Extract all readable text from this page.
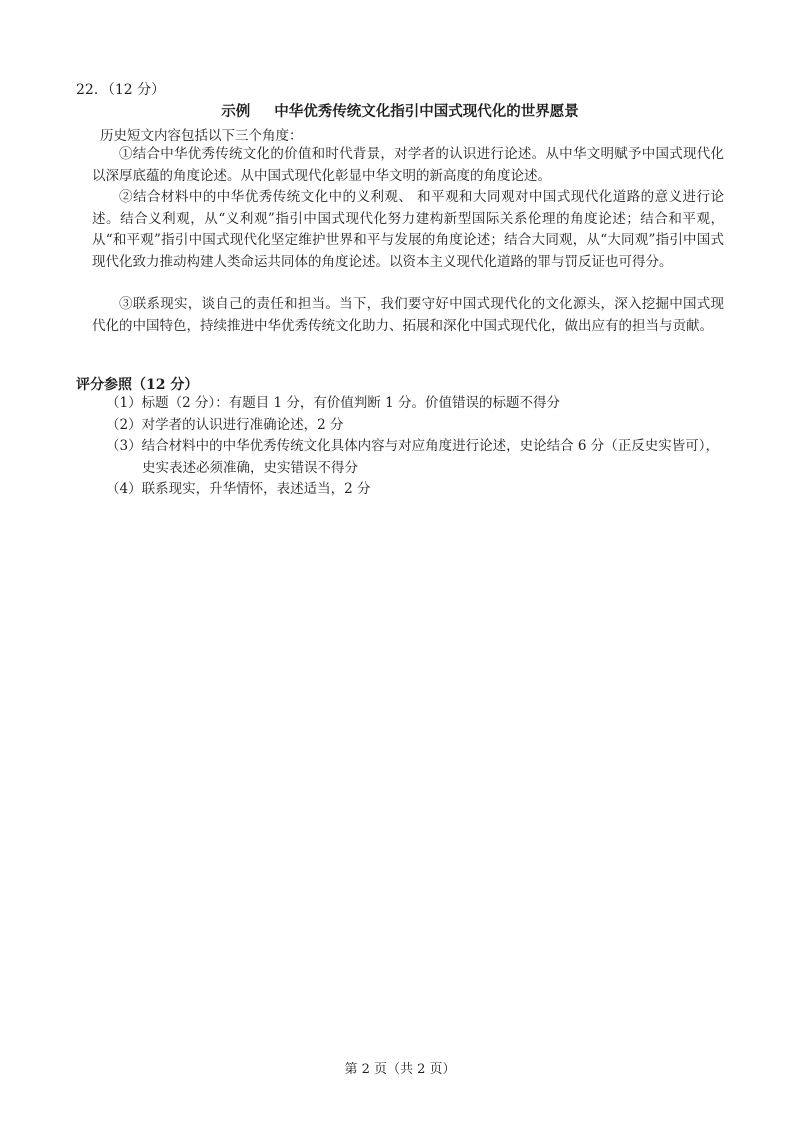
22．（12 分）
示例 中华优秀传统文化指引中国式现代化的世界愿景
历史短文内容包括以下三个角度：

①结合中华优秀传统文化的价值和时代背景，对学者的认识进行论述。从中华文明赋予中国式现代化以深厚底蕴的角度论述。从中国式现代化彰显中华文明的新高度的角度论述。

②结合材料中的中华优秀传统文化中的义利观、 和平观和大同观对中国式现代化道路的意义进行论述。结合义利观，从“义利观”指引中国式现代化努力建构新型国际关系伦理的角度论述；结合和平观，从“和平观”指引中国式现代化坚定维护世界和平与发展的角度论述；结合大同观，从“大同观”指引中国式现代化致力推动构建人类命运共同体的角度论述。以资本主义现代化道路的罪与罚反证也可得分。

③联系现实，谈自己的责任和担当。当下，我们要守好中国式现代化的文化源头，深入挖掘中国式现代化的中国特色，持续推进中华优秀传统文化助力、拓展和深化中国式现代化，做出应有的担当与贡献。

评分参照（12 分）

（1）标题（2 分）：有题目 1 分，有价值判断 1 分。价值错误的标题不得分

（2）对学者的认识进行准确论述，2 分

（3）结合材料中的中华优秀传统文化具体内容与对应角度进行论述，史论结合 6 分（正反史实皆可），
史实表述必须准确，史实错误不得分

（4）联系现实，升华情怀，表述适当，2 分

第 2 页（共 2 页）
